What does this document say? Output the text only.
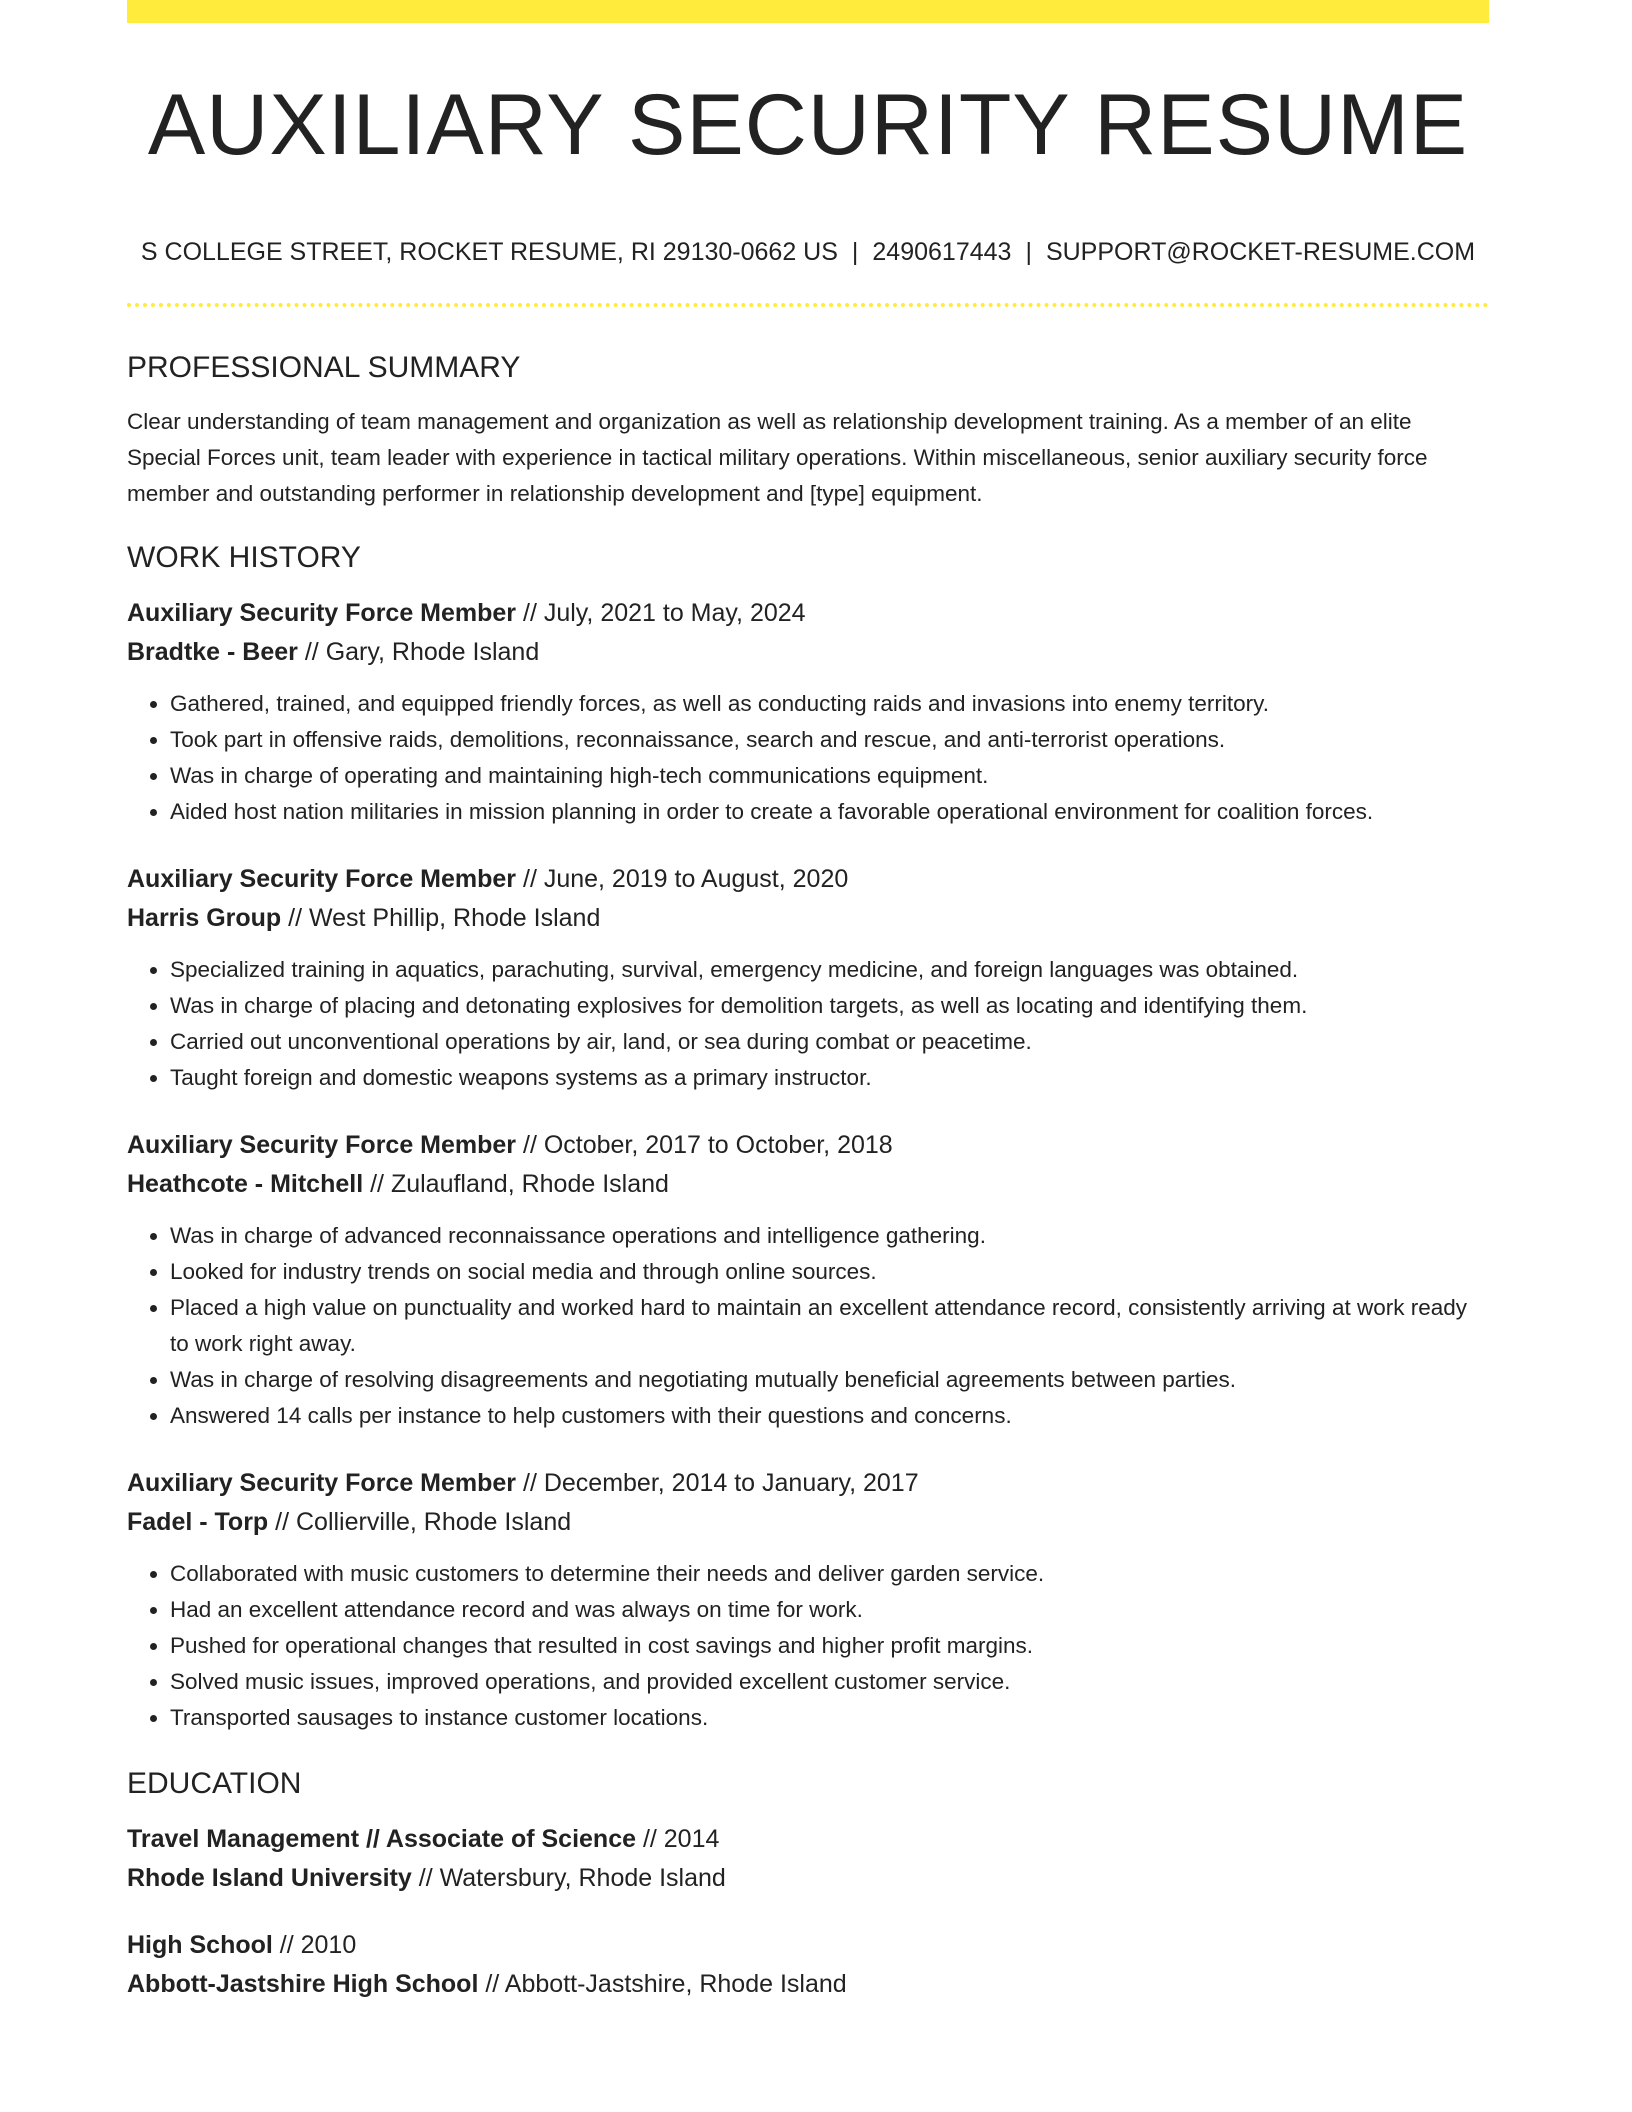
AUXILIARY SECURITY RESUME
S COLLEGE STREET, ROCKET RESUME, RI 29130-0662 US | 2490617443 | SUPPORT@ROCKET-RESUME.COM
PROFESSIONAL SUMMARY

Clear understanding of team management and organization as well as relationship development training. As a member of an elite Special Forces unit, team leader with experience in tactical military operations. Within miscellaneous, senior auxiliary security force member and outstanding performer in relationship development and [type] equipment.

WORK HISTORY
Auxiliary Security Force Member // July, 2021 to May, 2024
Bradtke - Beer // Gary, Rhode Island
• Gathered, trained, and equipped friendly forces, as well as conducting raids and invasions into enemy territory.
• Took part in offensive raids, demolitions, reconnaissance, search and rescue, and anti-terrorist operations.
• Was in charge of operating and maintaining high-tech communications equipment.
• Aided host nation militaries in mission planning in order to create a favorable operational environment for coalition forces.
Auxiliary Security Force Member // June, 2019 to August, 2020
Harris Group // West Phillip, Rhode Island
• Specialized training in aquatics, parachuting, survival, emergency medicine, and foreign languages was obtained.
• Was in charge of placing and detonating explosives for demolition targets, as well as locating and identifying them.
• Carried out unconventional operations by air, land, or sea during combat or peacetime.
• Taught foreign and domestic weapons systems as a primary instructor.
Auxiliary Security Force Member // October, 2017 to October, 2018
Heathcote - Mitchell // Zulaufland, Rhode Island
• Was in charge of advanced reconnaissance operations and intelligence gathering.
• Looked for industry trends on social media and through online sources.
• Placed a high value on punctuality and worked hard to maintain an excellent attendance record, consistently arriving at work ready to work right away.
• Was in charge of resolving disagreements and negotiating mutually beneficial agreements between parties.
• Answered 14 calls per instance to help customers with their questions and concerns.
Auxiliary Security Force Member // December, 2014 to January, 2017
Fadel - Torp // Collierville, Rhode Island
• Collaborated with music customers to determine their needs and deliver garden service.
• Had an excellent attendance record and was always on time for work.
• Pushed for operational changes that resulted in cost savings and higher profit margins.
• Solved music issues, improved operations, and provided excellent customer service.
• Transported sausages to instance customer locations.
EDUCATION
Travel Management // Associate of Science // 2014
Rhode Island University // Watersbury, Rhode Island
High School // 2010
Abbott-Jastshire High School // Abbott-Jastshire, Rhode Island
